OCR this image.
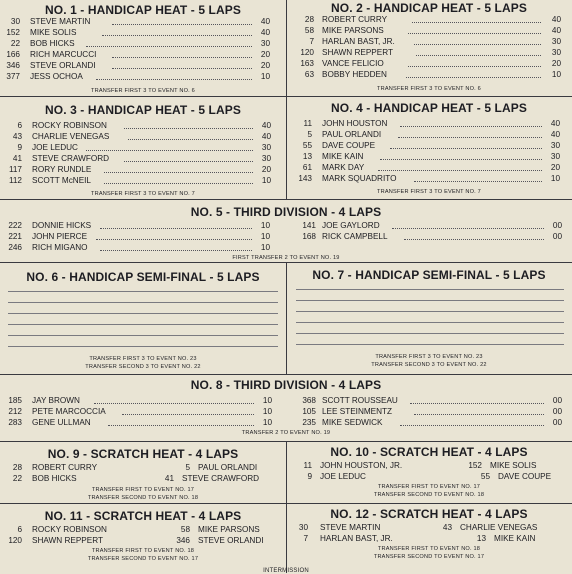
NO. 1 - HANDICAP HEAT - 5 LAPS
30 STEVE MARTIN	40
152 MIKE SOLIS	40
22 BOB HICKS	30
166 RICH MARCUCCI	20
346 STEVE ORLANDI	20
377 JESS OCHOA	10
TRANSFER FIRST 3 TO EVENT NO. 6
NO. 2 - HANDICAP HEAT - 5 LAPS
28 ROBERT CURRY	40
58 MIKE PARSONS	40
7 HARLAN BAST, JR.	30
120 SHAWN REPPERT	30
163 VANCE FELICIO	20
63 BOBBY HEDDEN	10
TRANSFER FIRST 3 TO EVENT NO. 6
NO. 3 - HANDICAP HEAT - 5 LAPS
6 ROCKY ROBINSON	40
43 CHARLIE VENEGAS	40
9 JOE LEDUC	30
41 STEVE CRAWFORD	30
117 RORY RUNDLE	20
112 SCOTT McNEIL	10
TRANSFER FIRST 3 TO EVENT NO. 7
NO. 4 - HANDICAP HEAT - 5 LAPS
11 JOHN HOUSTON	40
5 PAUL ORLANDI	40
55 DAVE COUPE	30
13 MIKE KAIN	30
61 MARK DAY	20
143 MARK SQUADRITO	10
TRANSFER FIRST 3 TO EVENT NO. 7
NO. 5 - THIRD DIVISION - 4 LAPS
222 DONNIE HICKS	10
221 JOHN PIERCE	10
246 RICH MIGANO	10
141 JOE GAYLORD	00
168 RICK CAMPBELL	00
FIRST TRANSFER 2 TO EVENT NO. 19
NO. 6 - HANDICAP SEMI-FINAL - 5 LAPS
TRANSFER FIRST 3 TO EVENT NO. 23
TRANSFER SECOND 3 TO EVENT NO. 22
NO. 7 - HANDICAP SEMI-FINAL - 5 LAPS
TRANSFER FIRST 3 TO EVENT NO. 23
TRANSFER SECOND 3 TO EVENT NO. 22
NO. 8 - THIRD DIVISION - 4 LAPS
185 JAY BROWN	10
212 PETE MARCOCCIA	10
283 GENE ULLMAN	10
368 SCOTT ROUSSEAU	00
105 LEE STEINMENTZ	00
235 MIKE SEDWICK	00
TRANSFER 2 TO EVENT NO. 19
NO. 9 - SCRATCH HEAT - 4 LAPS
28 ROBERT CURRY	5 PAUL ORLANDI
22 BOB HICKS	41 STEVE CRAWFORD
TRANSFER FIRST TO EVENT NO. 17
TRANSFER SECOND TO EVENT NO. 18
NO. 10 - SCRATCH HEAT - 4 LAPS
11 JOHN HOUSTON, JR.	152 MIKE SOLIS
9 JOE LEDUC	55 DAVE COUPE
TRANSFER FIRST TO EVENT NO. 17
TRANSFER SECOND TO EVENT NO. 18
NO. 11 - SCRATCH HEAT - 4 LAPS
6 ROCKY ROBINSON	58 MIKE PARSONS
120 SHAWN REPPERT	346 STEVE ORLANDI
TRANSFER FIRST TO EVENT NO. 18
TRANSFER SECOND TO EVENT NO. 17
NO. 12 - SCRATCH HEAT - 4 LAPS
30 STEVE MARTIN	43 CHARLIE VENEGAS
7 HARLAN BAST, JR.	13 MIKE KAIN
TRANSFER FIRST TO EVENT NO. 18
TRANSFER SECOND TO EVENT NO. 17
INTERMISSION
